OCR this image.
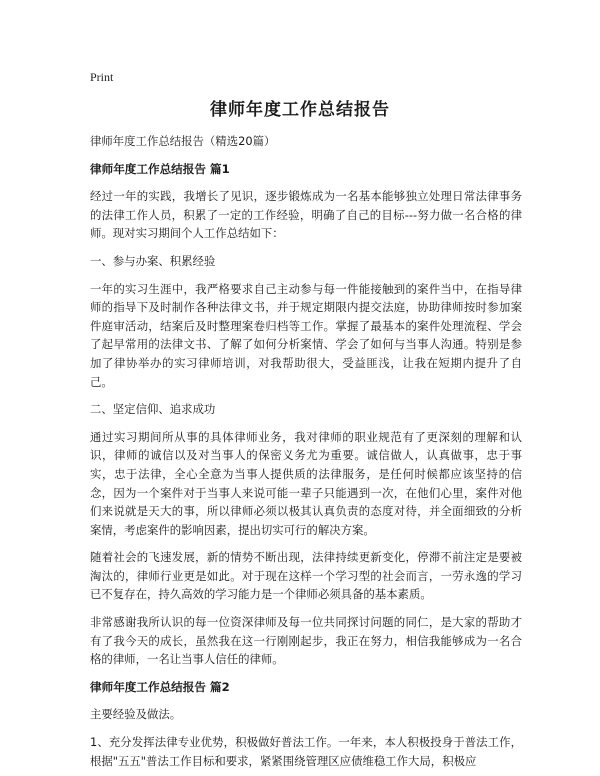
Print
律师年度工作总结报告

律师年度工作总结报告（精选20篇）

律师年度工作总结报告 篇1

经过一年的实践，我增长了见识，逐步锻炼成为一名基本能够独立处理日常法律事务的法律工作人员，积累了一定的工作经验，明确了自己的目标---努力做一名合格的律师。现对实习期间个人工作总结如下：

一、参与办案、积累经验

一年的实习生涯中，我严格要求自己主动参与每一件能接触到的案件当中，在指导律师的指导下及时制作各种法律文书，并于规定期限内提交法庭，协助律师按时参加案件庭审活动，结案后及时整理案卷归档等工作。掌握了最基本的案件处理流程、学会了起早常用的法律文书、了解了如何分析案情、学会了如何与当事人沟通。特别是参加了律协举办的实习律师培训，对我帮助很大，受益匪浅，让我在短期内提升了自己。

二、坚定信仰、追求成功

通过实习期间所从事的具体律师业务，我对律师的职业规范有了更深刻的理解和认识，律师的诚信以及对当事人的保密义务尤为重要。诚信做人，认真做事，忠于事实，忠于法律，全心全意为当事人提供质的法律服务，是任何时候都应该坚持的信念，因为一个案件对于当事人来说可能一辈子只能遇到一次，在他们心里，案件对他们来说就是天大的事，所以律师必须以极其认真负责的态度对待，并全面细致的分析案情，考虑案件的影响因素，提出切实可行的解决方案。

随着社会的飞速发展，新的情势不断出现，法律持续更新变化，停滞不前注定是要被淘汰的，律师行业更是如此。对于现在这样一个学习型的社会而言，一劳永逸的学习已不复存在，持久高效的学习能力是一个律师必须具备的基本素质。

非常感谢我所认识的每一位资深律师及每一位共同探讨问题的同仁，是大家的帮助才有了我今天的成长，虽然我在这一行刚刚起步，我正在努力，相信我能够成为一名合格的律师，一名让当事人信任的律师。

律师年度工作总结报告 篇2

主要经验及做法。

1、充分发挥法律专业优势，积极做好普法工作。一年来，本人积极投身于普法工作，根据"五五"普法工作目标和要求，紧紧围绕管理区应债维稳工作大局，积极应
